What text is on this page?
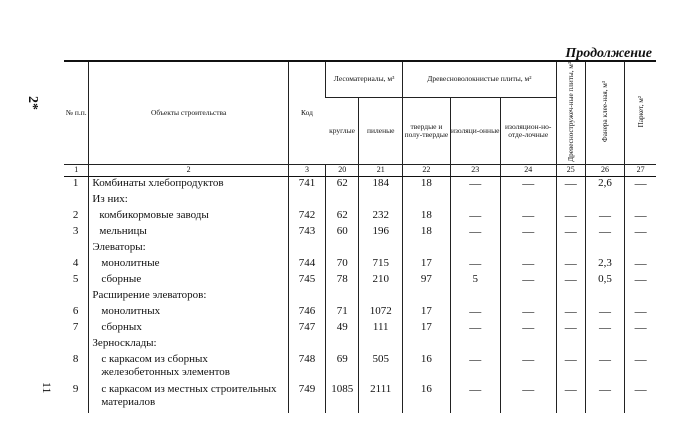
2*
11
Продолжение
№ п.п.	Объекты строительства	Код	Лесоматериалы, м³		Древесноволокнистые плиты, м²			Древесностружеч-ные плиты, м³	Фанера клее-ная, м³	Паркет, м²
			круглые	пиленые	твердые и полу-твердые	изоляци-онные	изоляцион-но-отде-лочные			
1	2	3	20	21	22	23	24	25	26	27
1	Комбинаты хлебопродуктов	741	62	184	18	—	—	—	2,6	—
	Из них:									
2	комбикормовые заводы	742	62	232	18	—	—	—	—	—
3	мельницы	743	60	196	18	—	—	—	—	—
	Элеваторы:									
4	монолитные	744	70	715	17	—	—	—	2,3	—
5	сборные	745	78	210	97	5	—	—	0,5	—
	Расширение элеваторов:									
6	монолитных	746	71	1072	17	—	—	—	—	—
7	сборных	747	49	111	17	—	—	—	—	—
	Зерносклады:									
8	с каркасом из сборных железобетонных элементов	748	69	505	16	—	—	—	—	—
9	с каркасом из местных строительных материалов	749	1085	2111	16	—	—	—	—	—
